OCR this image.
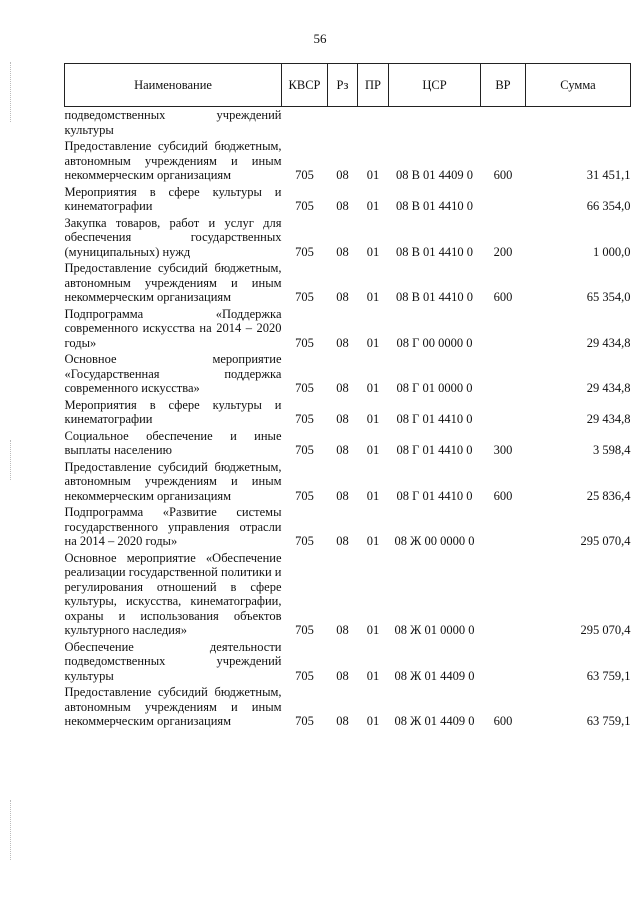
56
Наименование	КВСР	Рз	ПР	ЦСР	ВР	Сумма
подведомственных учреждений культуры						
Предоставление субсидий бюджетным, автономным учреждениям и иным некоммерческим организациям	705	08	01	08 В 01 4409 0	600	31 451,1
Мероприятия в сфере культуры и кинематографии	705	08	01	08 В 01 4410 0		66 354,0
Закупка товаров, работ и услуг для обеспечения государственных (муниципальных) нужд	705	08	01	08 В 01 4410 0	200	1 000,0
Предоставление субсидий бюджетным, автономным учреждениям и иным некоммерческим организациям	705	08	01	08 В 01 4410 0	600	65 354,0
Подпрограмма «Поддержка современного искусства на 2014 – 2020 годы»	705	08	01	08 Г 00 0000 0		29 434,8
Основное мероприятие «Государственная поддержка современного искусства»	705	08	01	08 Г 01 0000 0		29 434,8
Мероприятия в сфере культуры и кинематографии	705	08	01	08 Г 01 4410 0		29 434,8
Социальное обеспечение и иные выплаты населению	705	08	01	08 Г 01 4410 0	300	3 598,4
Предоставление субсидий бюджетным, автономным учреждениям и иным некоммерческим организациям	705	08	01	08 Г 01 4410 0	600	25 836,4
Подпрограмма «Развитие системы государственного управления отрасли на 2014 – 2020 годы»	705	08	01	08 Ж 00 0000 0		295 070,4
Основное мероприятие «Обеспечение реализации государственной политики и регулирования отношений в сфере культуры, искусства, кинематографии, охраны и использования объектов культурного наследия»	705	08	01	08 Ж 01 0000 0		295 070,4
Обеспечение деятельности подведомственных учреждений культуры	705	08	01	08 Ж 01 4409 0		63 759,1
Предоставление субсидий бюджетным, автономным учреждениям и иным некоммерческим организациям	705	08	01	08 Ж 01 4409 0	600	63 759,1
